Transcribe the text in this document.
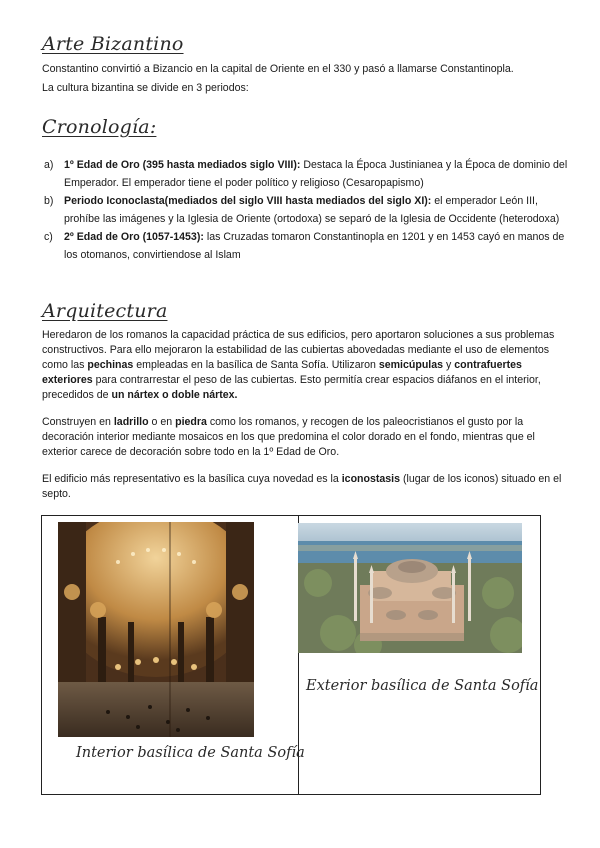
Arte Bizantino

Constantino convirtió a Bizancio en la capital de Oriente en el 330 y pasó a llamarse Constantinopla.
La cultura bizantina se divide en 3 periodos:

Cronología:
a) 1º Edad de Oro (395 hasta mediados siglo VIII): Destaca la Época Justinianea y la Época de dominio del Emperador. El emperador tiene el poder político y religioso (Cesaropapismo)
b) Periodo Iconoclasta(mediados del siglo VIII hasta mediados del siglo XI): el emperador León III, prohíbe las imágenes y la Iglesia de Oriente (ortodoxa) se separó de la Iglesia de Occidente (heterodoxa)
c) 2º Edad de Oro (1057-1453): las Cruzadas tomaron Constantinopla en 1201 y en 1453 cayó en manos de los otomanos, convirtiendose al Islam
Arquitectura

Heredaron de los romanos la capacidad práctica de sus edificios, pero aportaron soluciones a sus problemas constructivos. Para ello mejoraron la estabilidad de las cubiertas abovedadas mediante el uso de elementos como las pechinas empleadas en la basílica de Santa Sofía. Utilizaron semicúpulas y contrafuertes exteriores para contrarrestar el peso de las cubiertas. Esto permitía crear espacios diáfanos en el interior, precedidos de un nártex o doble nártex.

Construyen en ladrillo o en piedra como los romanos, y recogen de los paleocristianos el gusto por la decoración interior mediante mosaicos en los que predomina el color dorado en el fondo, mientras que el exterior carece de decoración sobre todo en la 1º Edad de Oro.

El edificio más representativo es la basílica cuya novedad es la iconostasis (lugar de los iconos) situado en el septo.

Interior basílica de Santa Sofía
Exterior basílica de Santa Sofía
